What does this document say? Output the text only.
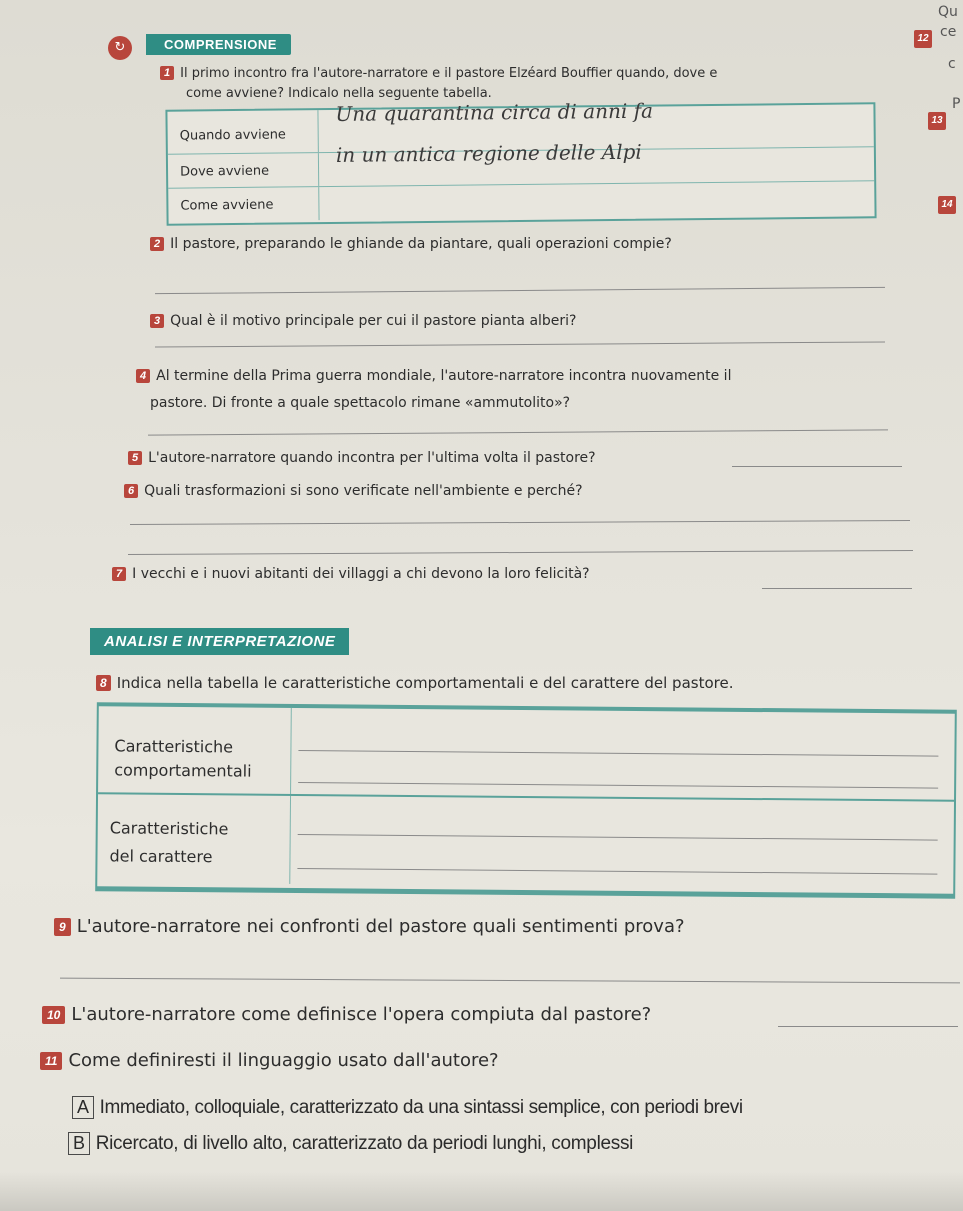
↻	COMPRENSIONE
1 Il primo incontro fra l'autore-narratore e il pastore Elzéard Bouffier quando, dove e
come avviene? Indicalo nella seguente tabella.
Quando avviene
Una quarantina circa di anni fa
Dove avviene
in un antica regione delle Alpi
Come avviene
2 Il pastore, preparando le ghiande da piantare, quali operazioni compie?
3 Qual è il motivo principale per cui il pastore pianta alberi?
4 Al termine della Prima guerra mondiale, l'autore-narratore incontra nuovamente il
pastore. Di fronte a quale spettacolo rimane «ammutolito»?
5 L'autore-narratore quando incontra per l'ultima volta il pastore?
6 Quali trasformazioni si sono verificate nell'ambiente e perché?
7 I vecchi e i nuovi abitanti dei villaggi a chi devono la loro felicità?
ANALISI E INTERPRETAZIONE
8 Indica nella tabella le caratteristiche comportamentali e del carattere del pastore.
Caratteristiche
comportamentali
Caratteristiche
del carattere
9 L'autore-narratore nei confronti del pastore quali sentimenti prova?
10 L'autore-narratore come definisce l'opera compiuta dal pastore?
11 Come definiresti il linguaggio usato dall'autore?
A Immediato, colloquiale, caratterizzato da una sintassi semplice, con periodi brevi
B Ricercato, di livello alto, caratterizzato da periodi lunghi, complessi
12
Qu
ce
c
13
P
14
